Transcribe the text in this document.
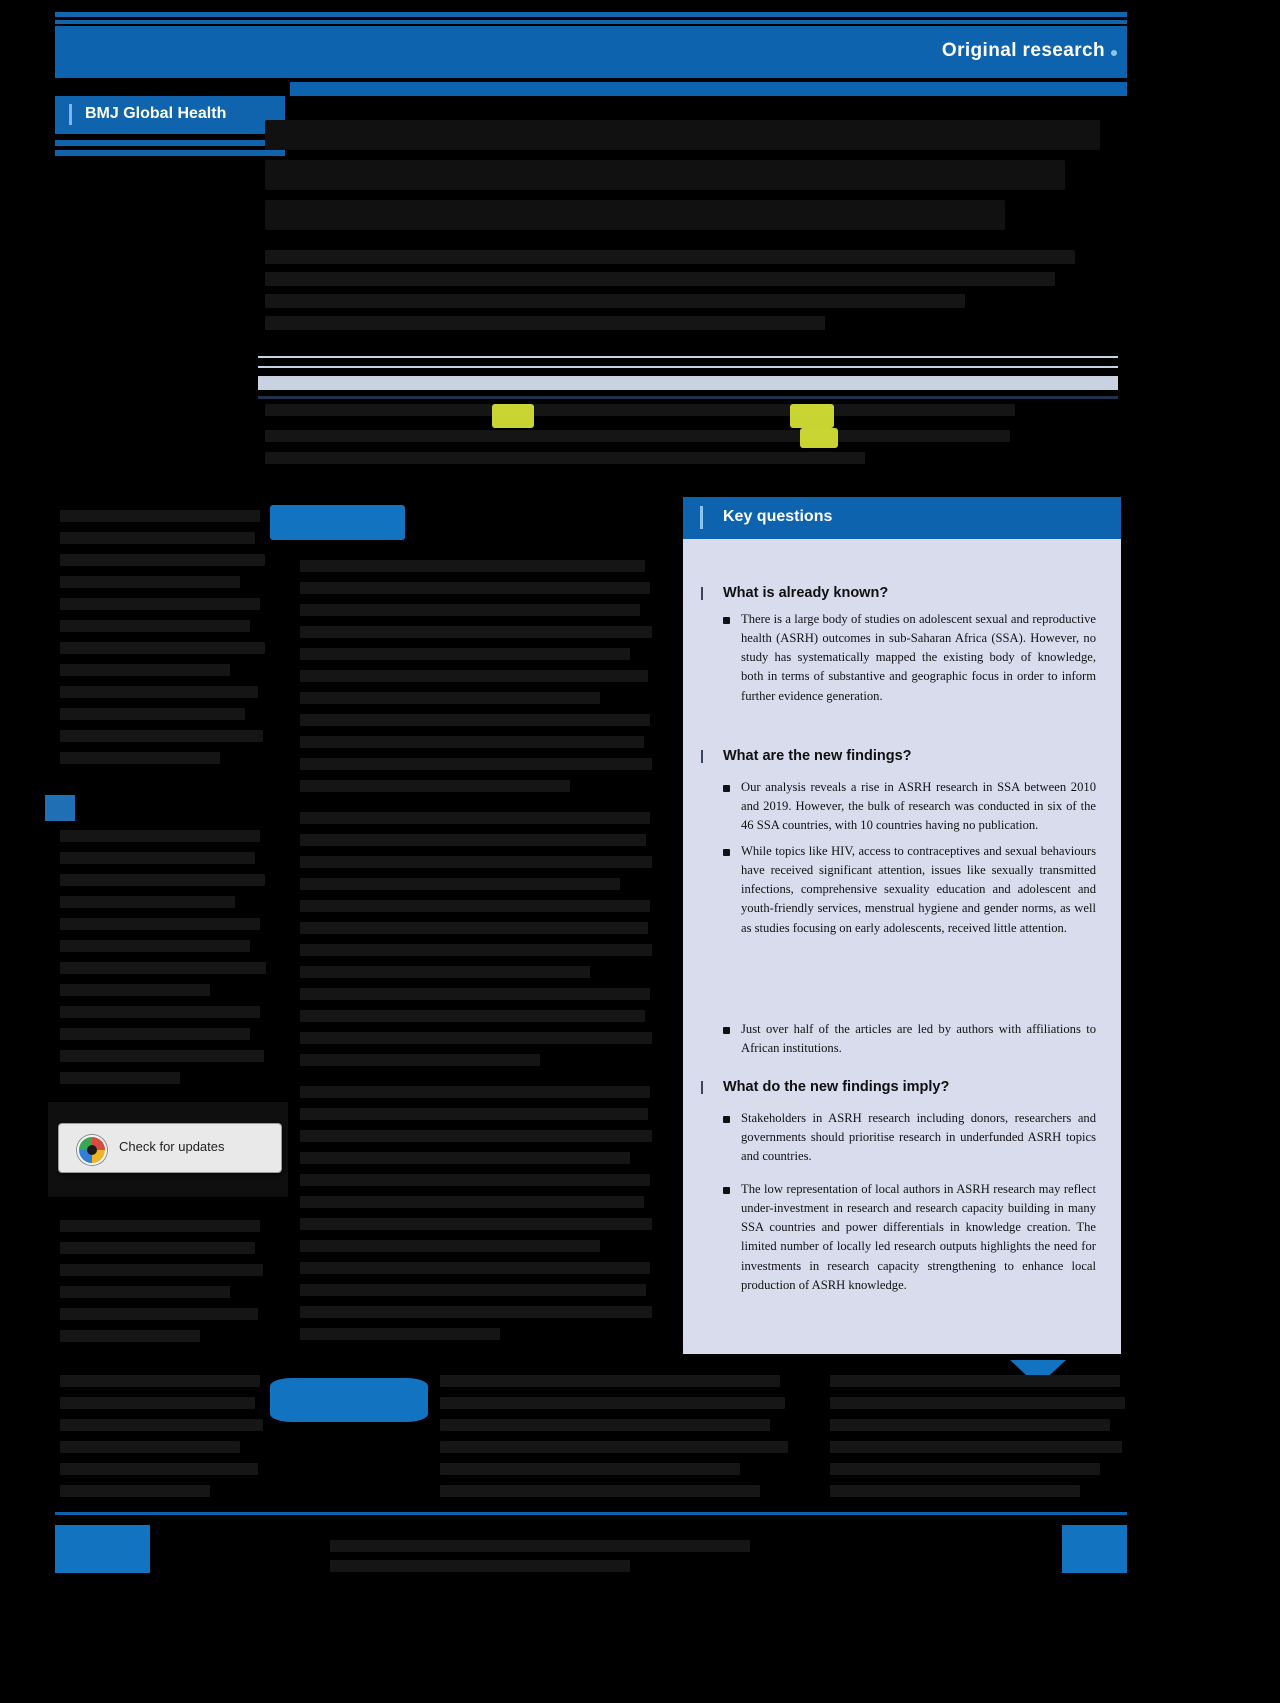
Original research
BMJ Global Health
Check for updates
Key questions
What is already known?
There is a large body of studies on adolescent sexual and reproductive health (ASRH) outcomes in sub-Saharan Africa (SSA). However, no study has systematically mapped the existing body of knowledge, both in terms of substantive and geographic focus in order to inform further evidence generation.
What are the new findings?
Our analysis reveals a rise in ASRH research in SSA between 2010 and 2019. However, the bulk of research was conducted in six of the 46 SSA countries, with 10 countries having no publication.
While topics like HIV, access to contraceptives and sexual behaviours have received significant attention, issues like sexually transmitted infections, comprehensive sexuality education and adolescent and youth-friendly services, menstrual hygiene and gender norms, as well as studies focusing on early adolescents, received little attention.
Just over half of the articles are led by authors with affiliations to African institutions.
What do the new findings imply?
Stakeholders in ASRH research including donors, researchers and governments should prioritise research in underfunded ASRH topics and countries.
The low representation of local authors in ASRH research may reflect under-investment in research and research capacity building in many SSA countries and power differentials in knowledge creation. The limited number of locally led research outputs highlights the need for investments in research capacity strengthening to enhance local production of ASRH knowledge.
